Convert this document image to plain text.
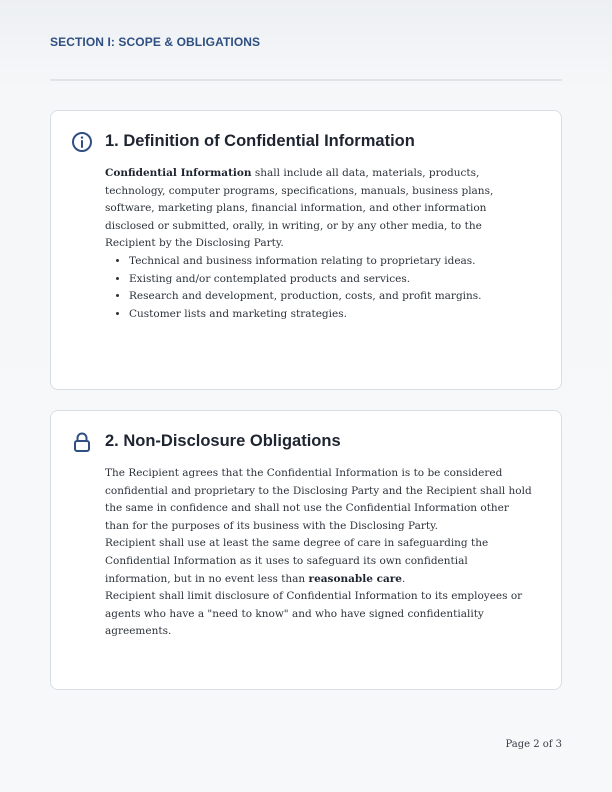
SECTION I: SCOPE & OBLIGATIONS
1. Definition of Confidential Information

Confidential Information shall include all data, materials, products, technology, computer programs, specifications, manuals, business plans, software, marketing plans, financial information, and other information disclosed or submitted, orally, in writing, or by any other media, to the Recipient by the Disclosing Party.

• Technical and business information relating to proprietary ideas.
• Existing and/or contemplated products and services.
• Research and development, production, costs, and profit margins.
• Customer lists and marketing strategies.
2. Non-Disclosure Obligations

The Recipient agrees that the Confidential Information is to be considered confidential and proprietary to the Disclosing Party and the Recipient shall hold the same in confidence and shall not use the Confidential Information other than for the purposes of its business with the Disclosing Party.

Recipient shall use at least the same degree of care in safeguarding the Confidential Information as it uses to safeguard its own confidential information, but in no event less than reasonable care.

Recipient shall limit disclosure of Confidential Information to its employees or agents who have a "need to know" and who have signed confidentiality agreements.

Page 2 of 3
